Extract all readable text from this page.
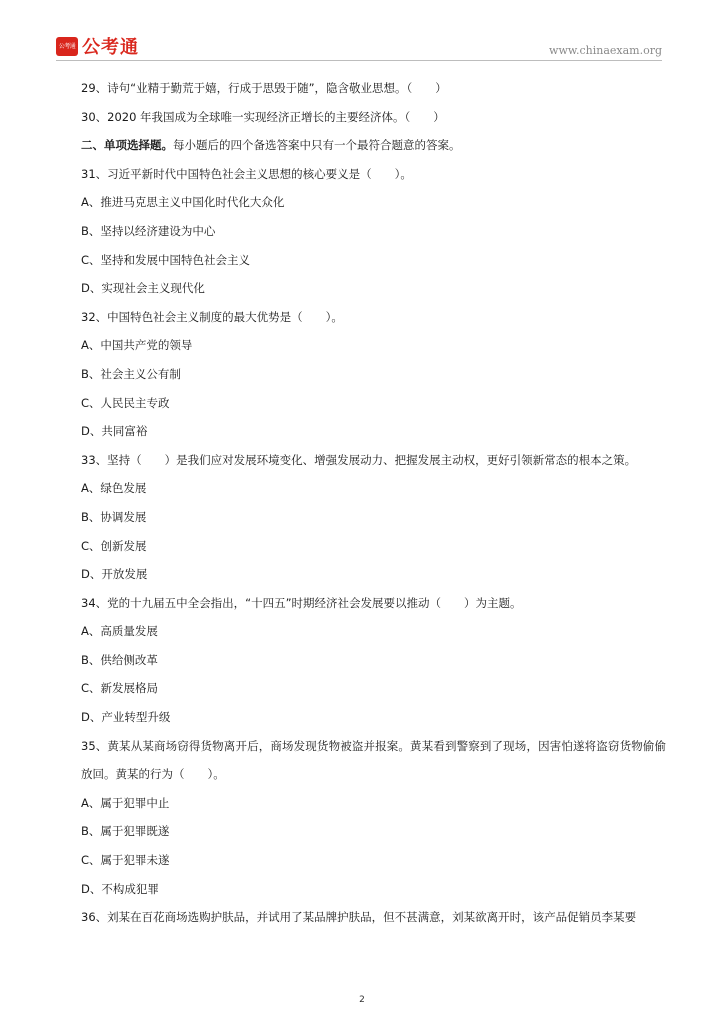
公考通 公考通	www.chinaexam.org
29、诗句“业精于勤荒于嬉，行成于思毁于随”，隐含敬业思想。（　　）
30、2020 年我国成为全球唯一实现经济正增长的主要经济体。（　　）
二、单项选择题。每小题后的四个备选答案中只有一个最符合题意的答案。
31、习近平新时代中国特色社会主义思想的核心要义是（　　）。
A、推进马克思主义中国化时代化大众化
B、坚持以经济建设为中心
C、坚持和发展中国特色社会主义
D、实现社会主义现代化
32、中国特色社会主义制度的最大优势是（　　）。
A、中国共产党的领导
B、社会主义公有制
C、人民民主专政
D、共同富裕
33、坚持（　　）是我们应对发展环境变化、增强发展动力、把握发展主动权，更好引领新常态的根本之策。
A、绿色发展
B、协调发展
C、创新发展
D、开放发展
34、党的十九届五中全会指出，“十四五”时期经济社会发展要以推动（　　）为主题。
A、高质量发展
B、供给侧改革
C、新发展格局
D、产业转型升级
35、黄某从某商场窃得货物离开后，商场发现货物被盗并报案。黄某看到警察到了现场，因害怕遂将盗窃货物偷偷放回。黄某的行为（　　）。
A、属于犯罪中止
B、属于犯罪既遂
C、属于犯罪未遂
D、不构成犯罪
36、刘某在百花商场选购护肤品，并试用了某品牌护肤品，但不甚满意，刘某欲离开时，该产品促销员李某要
2
